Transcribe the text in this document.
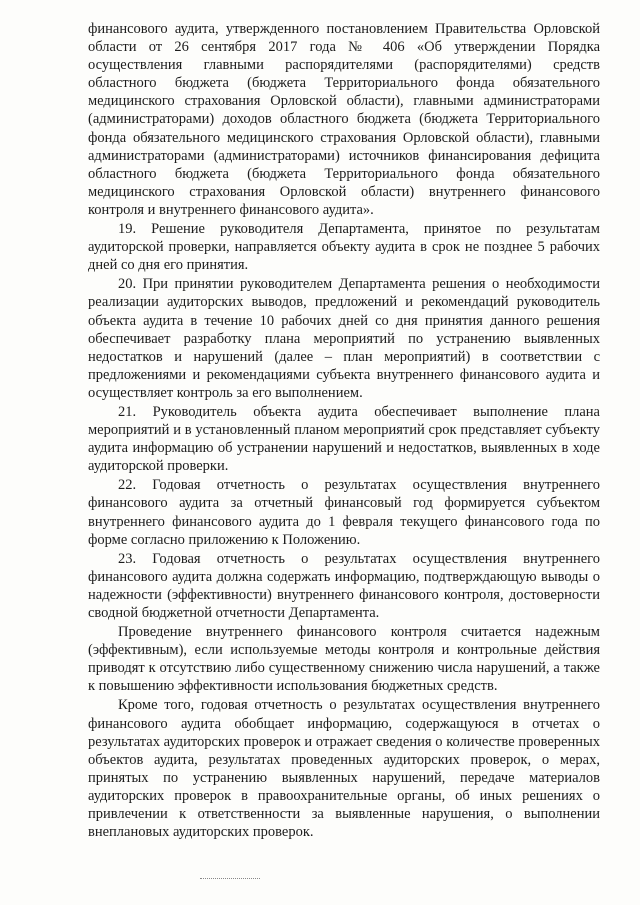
финансового аудита, утвержденного постановлением Правительства Орловской области от 26 сентября 2017 года № 406 «Об утверждении Порядка осуществления главными распорядителями (распорядителями) средств областного бюджета (бюджета Территориального фонда обязательного медицинского страхования Орловской области), главными администраторами (администраторами) доходов областного бюджета (бюджета Территориального фонда обязательного медицинского страхования Орловской области), главными администраторами (администраторами) источников финансирования дефицита областного бюджета (бюджета Территориального фонда обязательного медицинского страхования Орловской области) внутреннего финансового контроля и внутреннего финансового аудита».

19. Решение руководителя Департамента, принятое по результатам аудиторской проверки, направляется объекту аудита в срок не позднее 5 рабочих дней со дня его принятия.

20. При принятии руководителем Департамента решения о необходимости реализации аудиторских выводов, предложений и рекомендаций руководитель объекта аудита в течение 10 рабочих дней со дня принятия данного решения обеспечивает разработку плана мероприятий по устранению выявленных недостатков и нарушений (далее – план мероприятий) в соответствии с предложениями и рекомендациями субъекта внутреннего финансового аудита и осуществляет контроль за его выполнением.

21. Руководитель объекта аудита обеспечивает выполнение плана мероприятий и в установленный планом мероприятий срок представляет субъекту аудита информацию об устранении нарушений и недостатков, выявленных в ходе аудиторской проверки.

22. Годовая отчетность о результатах осуществления внутреннего финансового аудита за отчетный финансовый год формируется субъектом внутреннего финансового аудита до 1 февраля текущего финансового года по форме согласно приложению к Положению.

23. Годовая отчетность о результатах осуществления внутреннего финансового аудита должна содержать информацию, подтверждающую выводы о надежности (эффективности) внутреннего финансового контроля, достоверности сводной бюджетной отчетности Департамента.

Проведение внутреннего финансового контроля считается надежным (эффективным), если используемые методы контроля и контрольные действия приводят к отсутствию либо существенному снижению числа нарушений, а также к повышению эффективности использования бюджетных средств.

Кроме того, годовая отчетность о результатах осуществления внутреннего финансового аудита обобщает информацию, содержащуюся в отчетах о результатах аудиторских проверок и отражает сведения о количестве проверенных объектов аудита, результатах проведенных аудиторских проверок, о мерах, принятых по устранению выявленных нарушений, передаче материалов аудиторских проверок в правоохранительные органы, об иных решениях о привлечении к ответственности за выявленные нарушения, о выполнении внеплановых аудиторских проверок.
